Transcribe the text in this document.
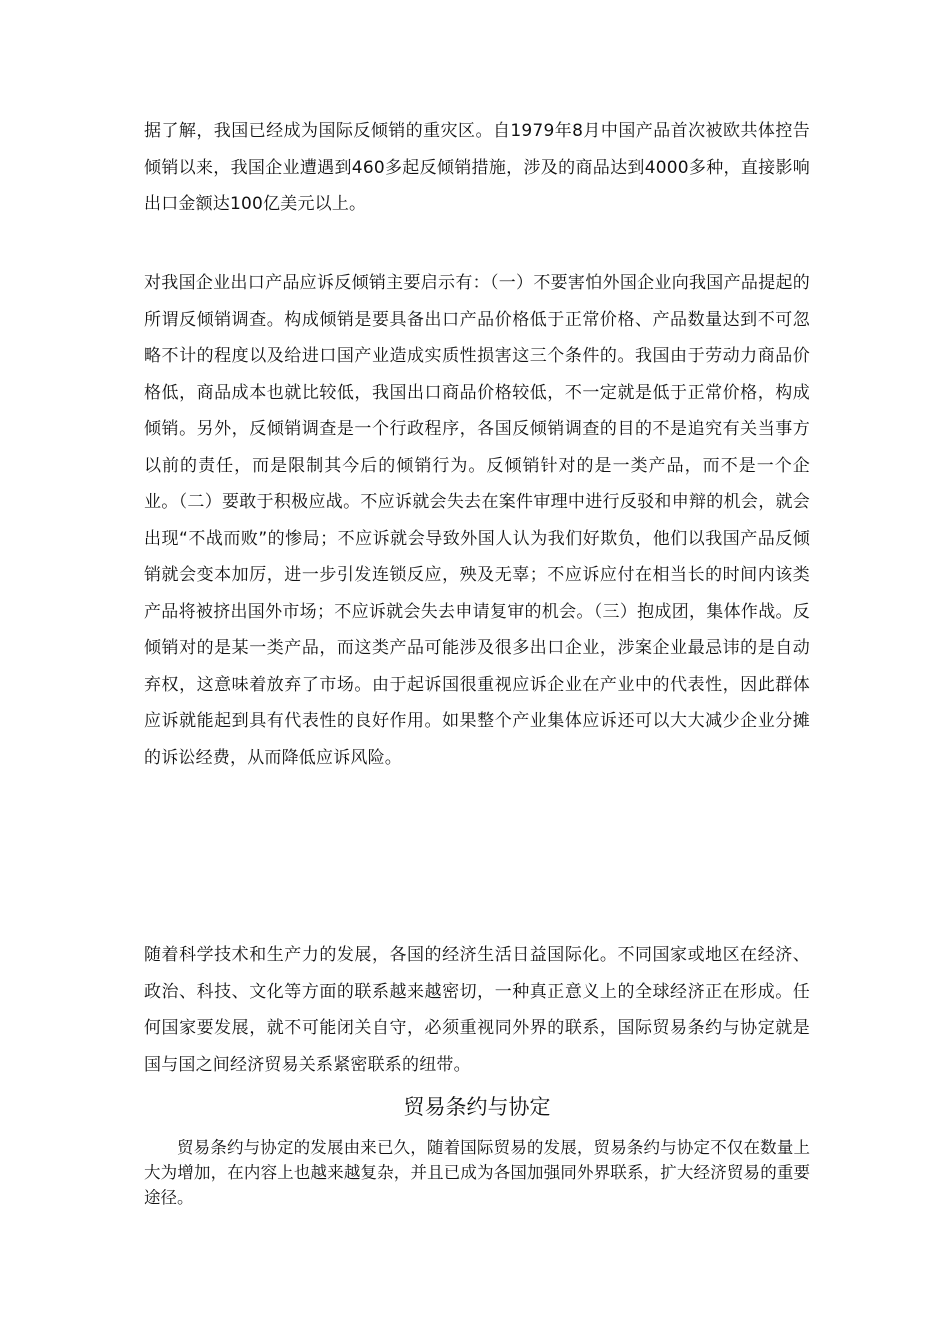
据了解，我国已经成为国际反倾销的重灾区。自1979年8月中国产品首次被欧共体控告倾销以来，我国企业遭遇到460多起反倾销措施，涉及的商品达到4000多种，直接影响出口金额达100亿美元以上。

对我国企业出口产品应诉反倾销主要启示有：（一）不要害怕外国企业向我国产品提起的所谓反倾销调查。构成倾销是要具备出口产品价格低于正常价格、产品数量达到不可忽略不计的程度以及给进口国产业造成实质性损害这三个条件的。我国由于劳动力商品价格低，商品成本也就比较低，我国出口商品价格较低，不一定就是低于正常价格，构成倾销。另外，反倾销调查是一个行政程序，各国反倾销调查的目的不是追究有关当事方以前的责任，而是限制其今后的倾销行为。反倾销针对的是一类产品，而不是一个企业。（二）要敢于积极应战。不应诉就会失去在案件审理中进行反驳和申辩的机会，就会出现“不战而败”的惨局；不应诉就会导致外国人认为我们好欺负，他们以我国产品反倾销就会变本加厉，进一步引发连锁反应，殃及无辜；不应诉应付在相当长的时间内该类产品将被挤出国外市场；不应诉就会失去申请复审的机会。（三）抱成团，集体作战。反倾销对的是某一类产品，而这类产品可能涉及很多出口企业，涉案企业最忌讳的是自动弃权，这意味着放弃了市场。由于起诉国很重视应诉企业在产业中的代表性，因此群体应诉就能起到具有代表性的良好作用。如果整个产业集体应诉还可以大大减少企业分摊的诉讼经费，从而降低应诉风险。

随着科学技术和生产力的发展，各国的经济生活日益国际化。不同国家或地区在经济、政治、科技、文化等方面的联系越来越密切，一种真正意义上的全球经济正在形成。任何国家要发展，就不可能闭关自守，必须重视同外界的联系，国际贸易条约与协定就是国与国之间经济贸易关系紧密联系的纽带。

贸易条约与协定

贸易条约与协定的发展由来已久，随着国际贸易的发展，贸易条约与协定不仅在数量上大为增加，在内容上也越来越复杂，并且已成为各国加强同外界联系，扩大经济贸易的重要途径。
